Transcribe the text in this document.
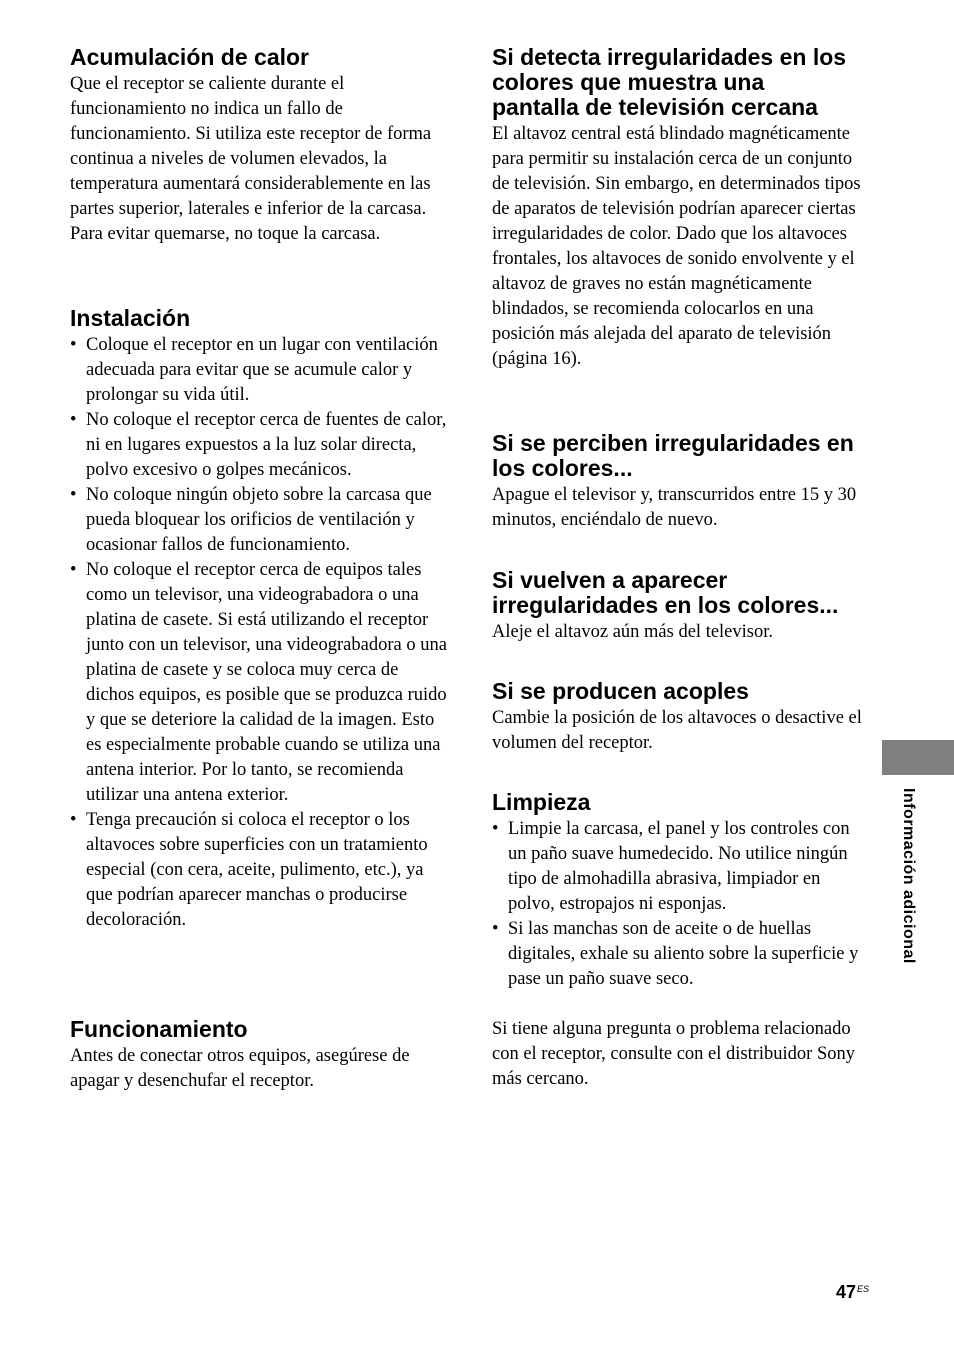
Acumulación de calor

Que el receptor se caliente durante el funcionamiento no indica un fallo de funcionamiento. Si utiliza este receptor de forma continua a niveles de volumen elevados, la temperatura aumentará considerablemente en las partes superior, laterales e inferior de la carcasa. Para evitar quemarse, no toque la carcasa.

Instalación
• Coloque el receptor en un lugar con ventilación adecuada para evitar que se acumule calor y prolongar su vida útil.
• No coloque el receptor cerca de fuentes de calor, ni en lugares expuestos a la luz solar directa, polvo excesivo o golpes mecánicos.
• No coloque ningún objeto sobre la carcasa que pueda bloquear los orificios de ventilación y ocasionar fallos de funcionamiento.
• No coloque el receptor cerca de equipos tales como un televisor, una videograbadora o una platina de casete. Si está utilizando el receptor junto con un televisor, una videograbadora o una platina de casete y se coloca muy cerca de dichos equipos, es posible que se produzca ruido y que se deteriore la calidad de la imagen. Esto es especialmente probable cuando se utiliza una antena interior. Por lo tanto, se recomienda utilizar una antena exterior.
• Tenga precaución si coloca el receptor o los altavoces sobre superficies con un tratamiento especial (con cera, aceite, pulimento, etc.), ya que podrían aparecer manchas o producirse decoloración.
Funcionamiento

Antes de conectar otros equipos, asegúrese de apagar y desenchufar el receptor.

Si detecta irregularidades en los colores que muestra una pantalla de televisión cercana

El altavoz central está blindado magnéticamente para permitir su instalación cerca de un conjunto de televisión. Sin embargo, en determinados tipos de aparatos de televisión podrían aparecer ciertas irregularidades de color. Dado que los altavoces frontales, los altavoces de sonido envolvente y el altavoz de graves no están magnéticamente blindados, se recomienda colocarlos en una posición más alejada del aparato de televisión (página 16).

Si se perciben irregularidades en los colores...

Apague el televisor y, transcurridos entre 15 y 30 minutos, enciéndalo de nuevo.

Si vuelven a aparecer irregularidades en los colores...

Aleje el altavoz aún más del televisor.

Si se producen acoples

Cambie la posición de los altavoces o desactive el volumen del receptor.

Limpieza
• Limpie la carcasa, el panel y los controles con un paño suave humedecido. No utilice ningún tipo de almohadilla abrasiva, limpiador en polvo, estropajos ni esponjas.
• Si las manchas son de aceite o de huellas digitales, exhale su aliento sobre la superficie y pase un paño suave seco.

Si tiene alguna pregunta o problema relacionado con el receptor, consulte con el distribuidor Sony más cercano.

Información adicional
$47^{ES}$
